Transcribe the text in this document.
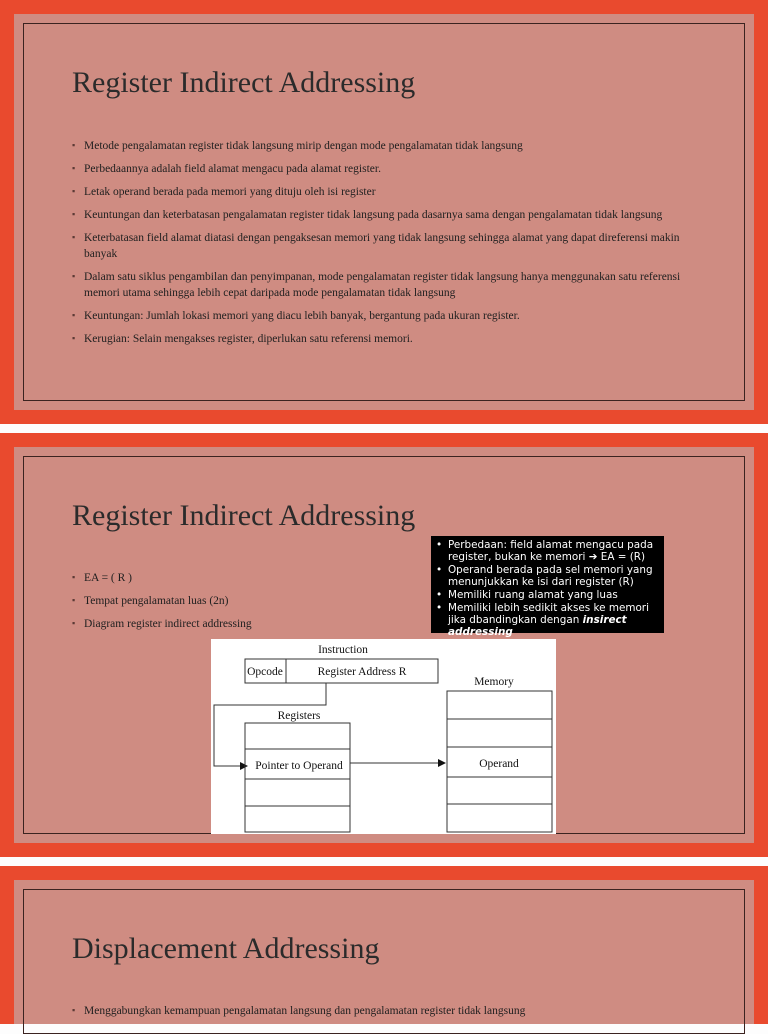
Register Indirect Addressing
▪ Metode pengalamatan register tidak langsung mirip dengan mode pengalamatan tidak langsung
▪ Perbedaannya adalah field alamat mengacu pada alamat register.
▪ Letak operand berada pada memori yang dituju oleh isi register
▪ Keuntungan dan keterbatasan pengalamatan register tidak langsung pada dasarnya sama dengan pengalamatan tidak langsung
▪ Keterbatasan field alamat diatasi dengan pengaksesan memori yang tidak langsung sehingga alamat yang dapat direferensi makin banyak
▪ Dalam satu siklus pengambilan dan penyimpanan, mode pengalamatan register tidak langsung hanya menggunakan satu referensi memori utama sehingga lebih cepat daripada mode pengalamatan tidak langsung
▪ Keuntungan: Jumlah lokasi memori yang diacu lebih banyak, bergantung pada ukuran register.
▪ Kerugian: Selain mengakses register, diperlukan satu referensi memori.
Register Indirect Addressing
▪ EA = ( R )
▪ Tempat pengalamatan luas (2n)
▪ Diagram register indirect addressing
• Perbedaan: field alamat mengacu pada register, bukan ke memori ➔ EA = (R)
• Operand berada pada sel memori yang menunjukkan ke isi dari register (R)
• Memiliki ruang alamat yang luas
• Memiliki lebih sedikit akses ke memori jika dbandingkan dengan insirect addressing
Instruction
Opcode	Register Address R
Registers
Pointer to Operand
Memory
Operand
Displacement Addressing
▪ Menggabungkan kemampuan pengalamatan langsung dan pengalamatan register tidak langsung
